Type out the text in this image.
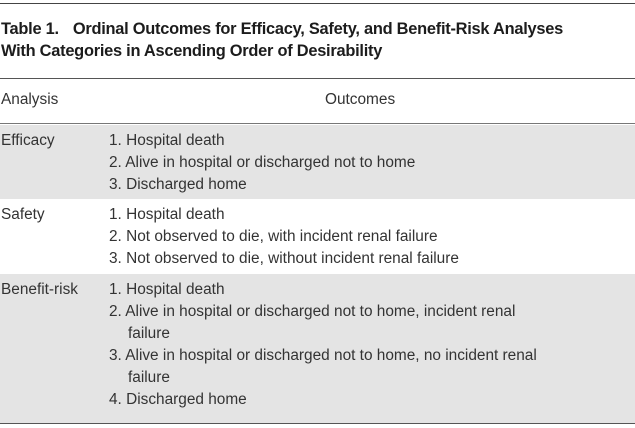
Table 1. Ordinal Outcomes for Efficacy, Safety, and Benefit-Risk Analyses
With Categories in Ascending Order of Desirability
Analysis	Outcomes
Efficacy	1. Hospital death
2. Alive in hospital or discharged not to home
3. Discharged home
Safety	1. Hospital death
2. Not observed to die, with incident renal failure
3. Not observed to die, without incident renal failure
Benefit-risk 1. Hospital death
2. Alive in hospital or discharged not to home, incident renal
failure
3. Alive in hospital or discharged not to home, no incident renal
failure
4. Discharged home
